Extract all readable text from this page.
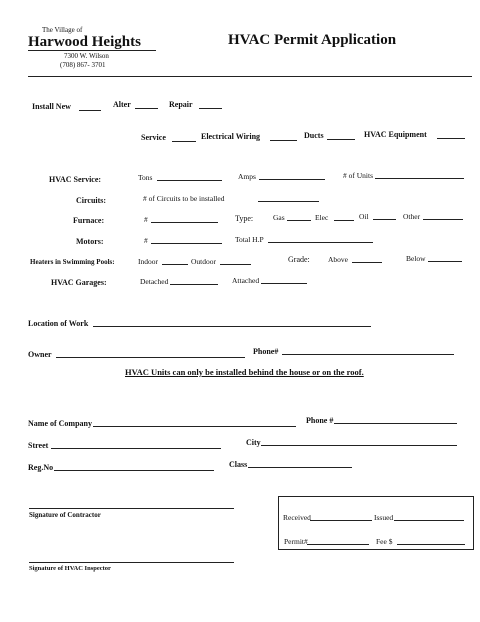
The Village of
Harwood Heights
7300 W. Wilson
(708) 867- 3701
HVAC Permit Application
Install New	Alter	Repair
Service	Electrical Wiring	Ducts	HVAC Equipment
HVAC Service:	Tons	Amps	# of Units
Circuits:	# of Circuits to be installed
Furnace:	#	Type:	Gas	Elec	Oil	Other
Motors:	#	Total H.P
Heaters in Swimming Pools:	Indoor	Outdoor	Grade: Above	Below
HVAC Garages:	Detached	Attached
Location of Work
Owner	Phone#
HVAC Units can only be installed behind the house or on the roof.
Name of Company	Phone #
Street	City
Reg.No	Class
Signature of Contractor	Received	Issued
Permit#	Fee $
Signature of HVAC Inspector
